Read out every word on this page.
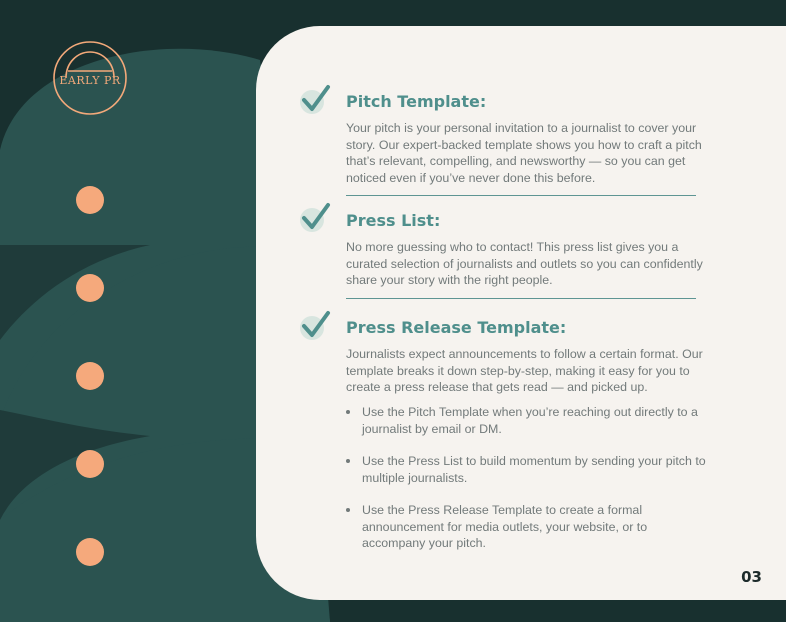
EARLY PR
Pitch Template:

Your pitch is your personal invitation to a journalist to cover your story. Our expert-backed template shows you how to craft a pitch that’s relevant, compelling, and newsworthy — so you can get noticed even if you’ve never done this before.

Press List:

No more guessing who to contact! This press list gives you a curated selection of journalists and outlets so you can confidently share your story with the right people.

Press Release Template:

Journalists expect announcements to follow a certain format. Our template breaks it down step-by-step, making it easy for you to create a press release that gets read — and picked up.

Use the Pitch Template when you’re reaching out directly to a journalist by email or DM.
Use the Press List to build momentum by sending your pitch to multiple journalists.
Use the Press Release Template to create a formal announcement for media outlets, your website, or to accompany your pitch.
03
